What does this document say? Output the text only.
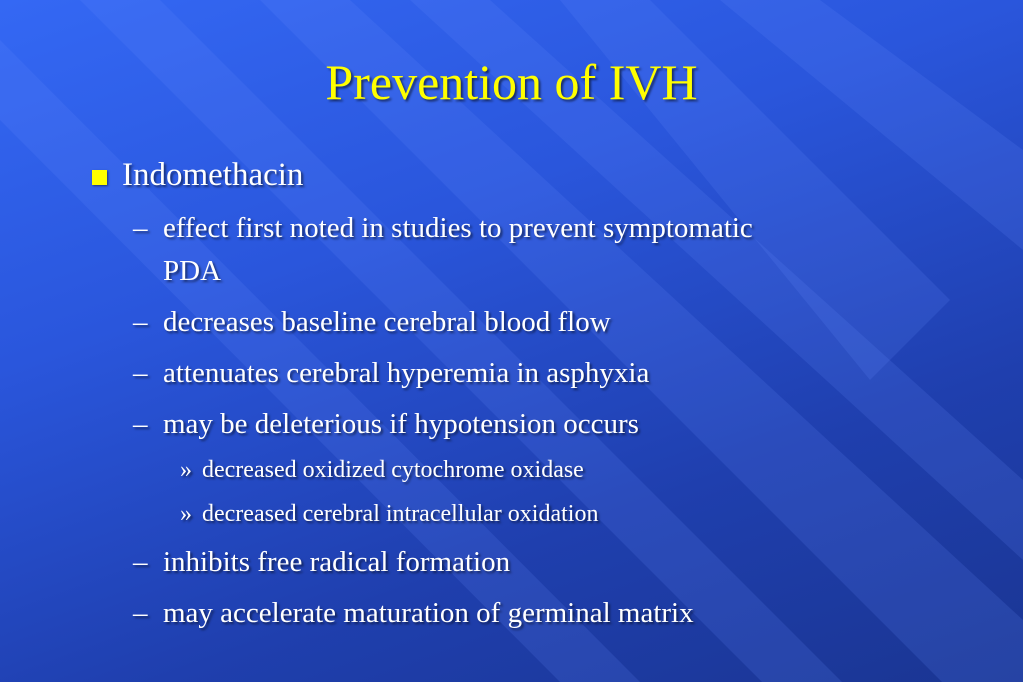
Prevention of IVH
Indomethacin
– effect first noted in studies to prevent symptomatic
PDA
– decreases baseline cerebral blood flow
– attenuates cerebral hyperemia in asphyxia
– may be deleterious if hypotension occurs
» decreased oxidized cytochrome oxidase
» decreased cerebral intracellular oxidation
– inhibits free radical formation
– may accelerate maturation of germinal matrix
